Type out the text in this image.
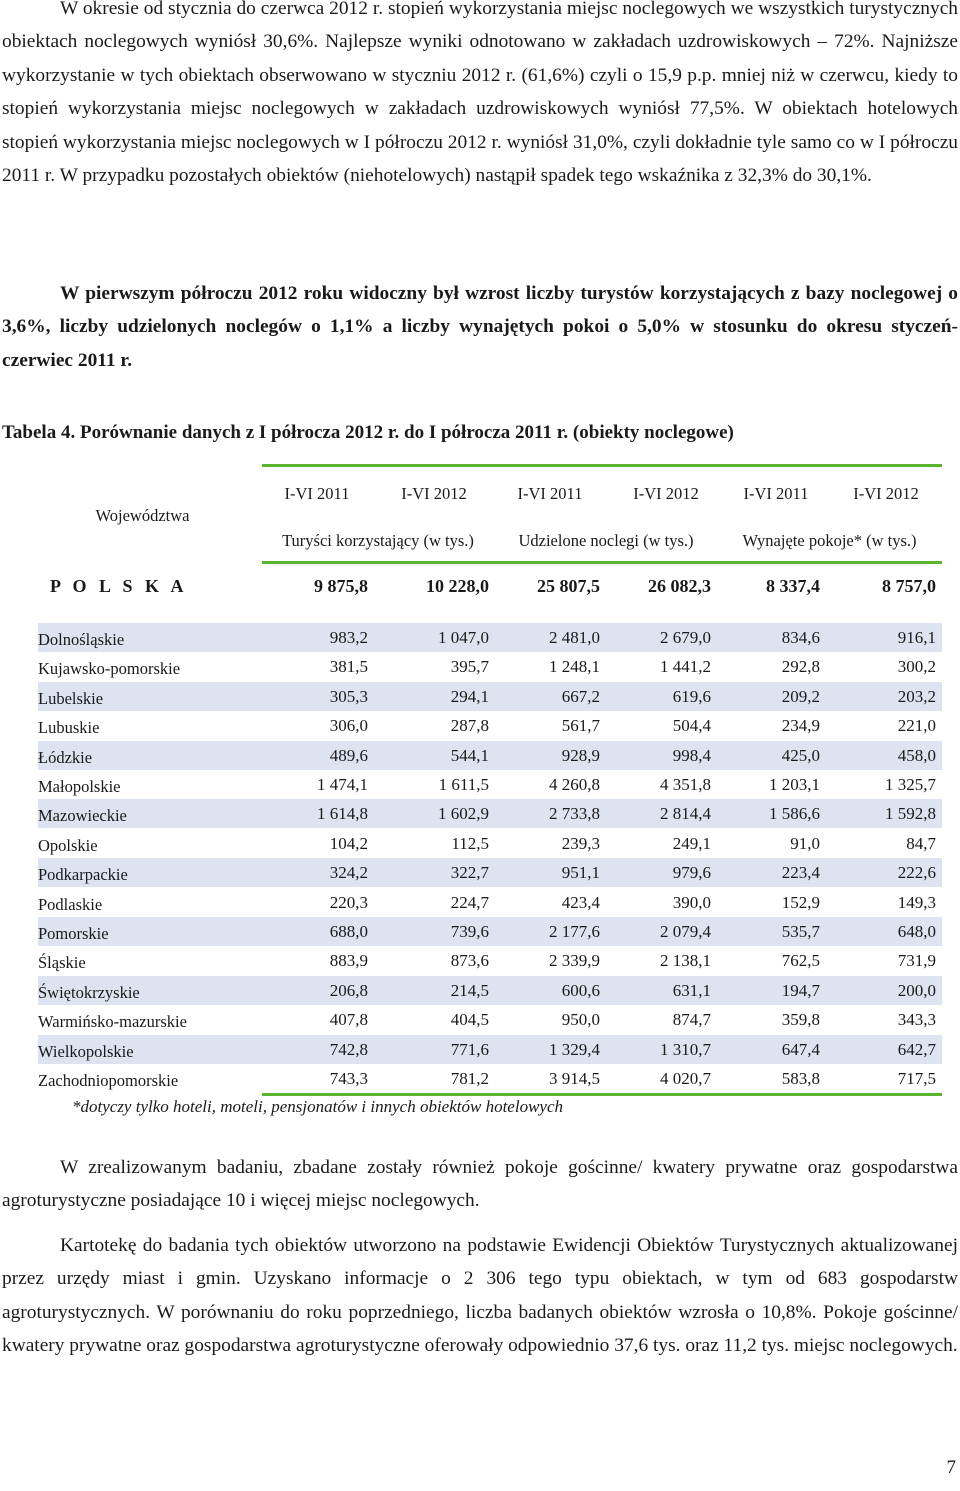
W okresie od stycznia do czerwca 2012 r. stopień wykorzystania miejsc noclegowych we wszystkich turystycznych obiektach noclegowych wyniósł 30,6%. Najlepsze wyniki odnotowano w zakładach uzdrowiskowych – 72%. Najniższe wykorzystanie w tych obiektach obserwowano w styczniu 2012 r. (61,6%) czyli o 15,9 p.p. mniej niż w czerwcu, kiedy to stopień wykorzystania miejsc noclegowych w zakładach uzdrowiskowych wyniósł 77,5%. W obiektach hotelowych stopień wykorzystania miejsc noclegowych w I półroczu 2012 r. wyniósł 31,0%, czyli dokładnie tyle samo co w I półroczu 2011 r. W przypadku pozostałych obiektów (niehotelowych) nastąpił spadek tego wskaźnika z 32,3% do 30,1%.

W pierwszym półroczu 2012 roku widoczny był wzrost liczby turystów korzystających z bazy noclegowej o 3,6%, liczby udzielonych noclegów o 1,1% a liczby wynajętych pokoi o 5,0% w stosunku do okresu styczeń-czerwiec 2011 r.

Tabela 4. Porównanie danych z I półrocza 2012 r. do I półrocza 2011 r. (obiekty noclegowe)

Województwa
I-VI 2011	I-VI 2012	I-VI 2011	I-VI 2012	I-VI 2011	I-VI 2012
Turyści korzystający (w tys.)	Udzielone noclegi (w tys.)	Wynajęte pokoje* (w tys.)
P O L S K A	9 875,8	10 228,0	25 807,5	26 082,3	8 337,4	8 757,0
Dolnośląskie	983,2	1 047,0	2 481,0	2 679,0	834,6	916,1
Kujawsko-pomorskie	381,5	395,7	1 248,1	1 441,2	292,8	300,2
Lubelskie	305,3	294,1	667,2	619,6	209,2	203,2
Lubuskie	306,0	287,8	561,7	504,4	234,9	221,0
Łódzkie	489,6	544,1	928,9	998,4	425,0	458,0
Małopolskie	1 474,1	1 611,5	4 260,8	4 351,8	1 203,1	1 325,7
Mazowieckie	1 614,8	1 602,9	2 733,8	2 814,4	1 586,6	1 592,8
Opolskie	104,2	112,5	239,3	249,1	91,0	84,7
Podkarpackie	324,2	322,7	951,1	979,6	223,4	222,6
Podlaskie	220,3	224,7	423,4	390,0	152,9	149,3
Pomorskie	688,0	739,6	2 177,6	2 079,4	535,7	648,0
Śląskie	883,9	873,6	2 339,9	2 138,1	762,5	731,9
Świętokrzyskie	206,8	214,5	600,6	631,1	194,7	200,0
Warmińsko-mazurskie	407,8	404,5	950,0	874,7	359,8	343,3
Wielkopolskie	742,8	771,6	1 329,4	1 310,7	647,4	642,7
Zachodniopomorskie	743,3	781,2	3 914,5	4 020,7	583,8	717,5
*dotyczy tylko hoteli, moteli, pensjonatów i innych obiektów hotelowych

W zrealizowanym badaniu, zbadane zostały również pokoje gościnne/ kwatery prywatne oraz gospodarstwa agroturystyczne posiadające 10 i więcej miejsc noclegowych.

Kartotekę do badania tych obiektów utworzono na podstawie Ewidencji Obiektów Turystycznych aktualizowanej przez urzędy miast i gmin. Uzyskano informacje o 2 306 tego typu obiektach, w tym od 683 gospodarstw agroturystycznych. W porównaniu do roku poprzedniego, liczba badanych obiektów wzrosła o 10,8%. Pokoje gościnne/ kwatery prywatne oraz gospodarstwa agroturystyczne oferowały odpowiednio 37,6 tys. oraz 11,2 tys. miejsc noclegowych.

7
